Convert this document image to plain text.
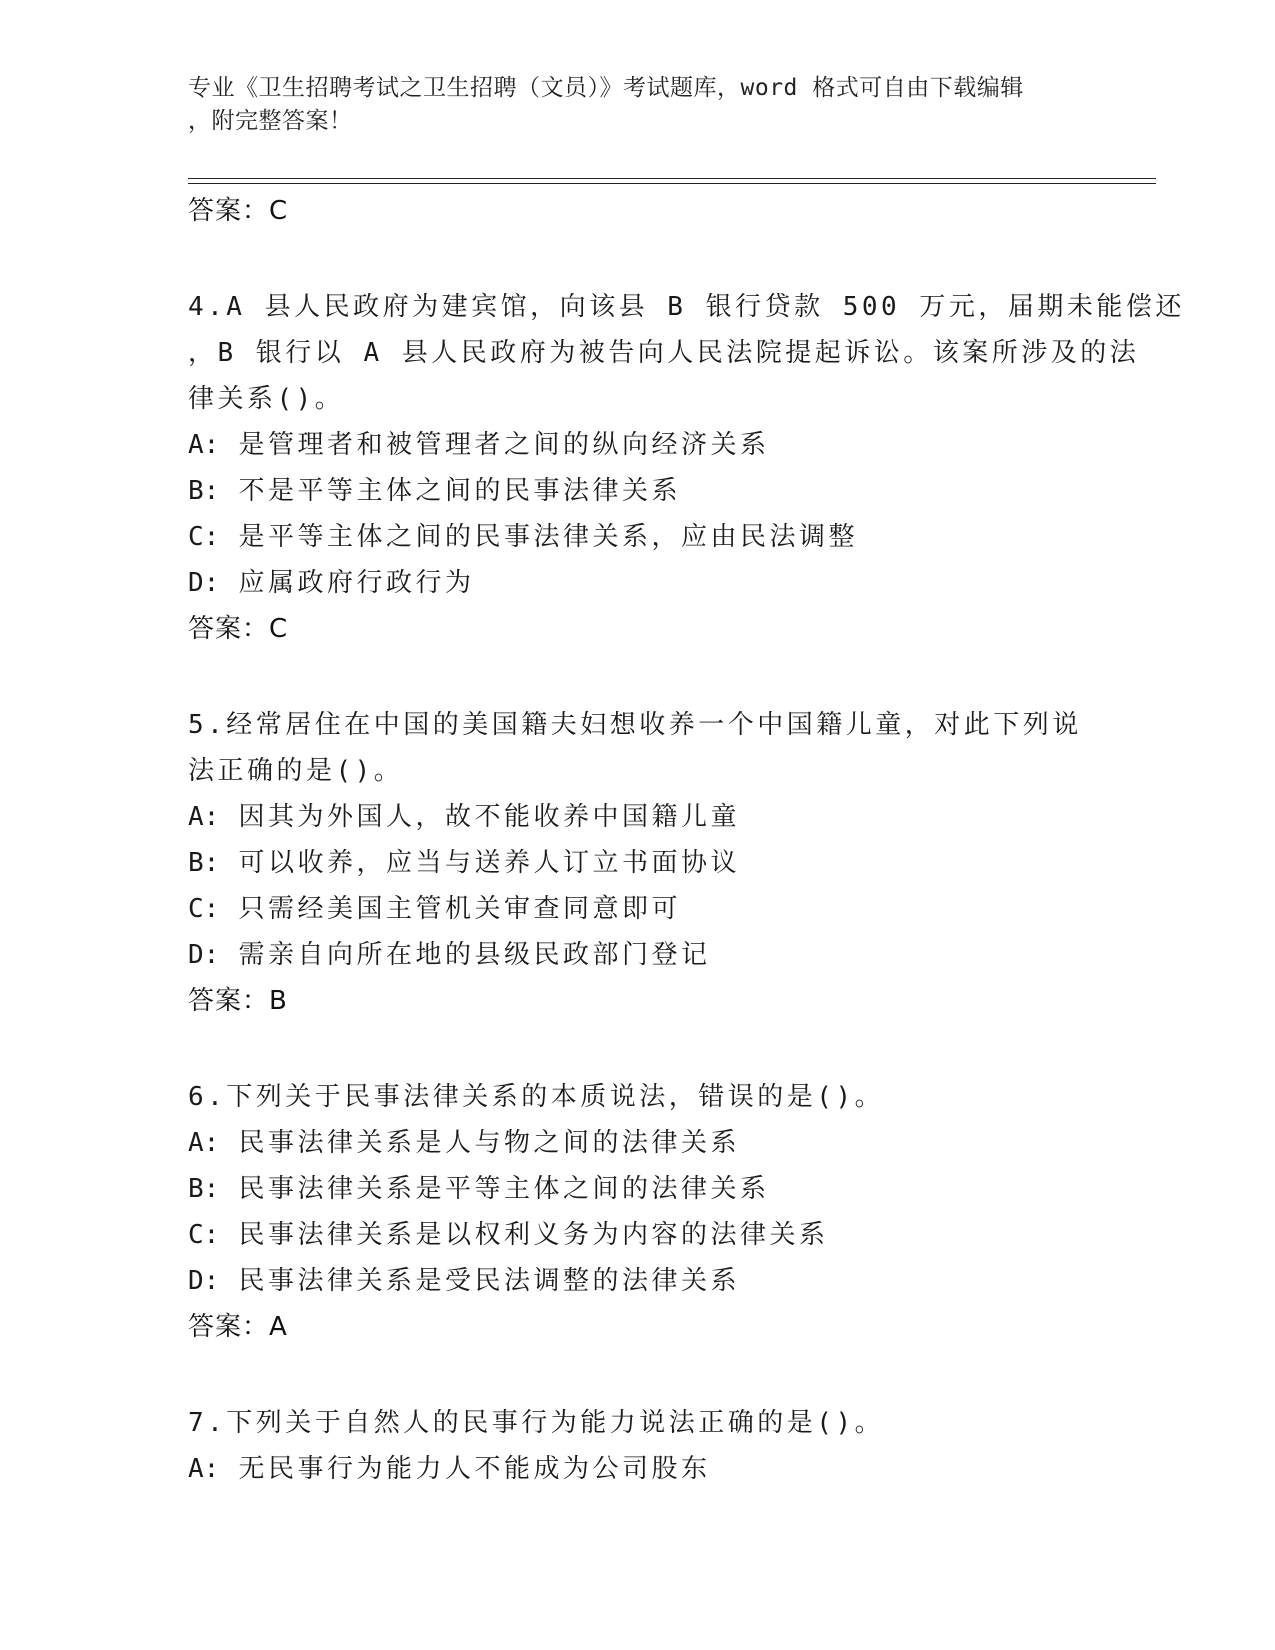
专业《卫生招聘考试之卫生招聘（文员）》考试题库，word 格式可自由下载编辑
，附完整答案！
答案：C
4.A 县人民政府为建宾馆，向该县 B 银行贷款 500 万元，届期未能偿还
，B 银行以 A 县人民政府为被告向人民法院提起诉讼。该案所涉及的法
律关系()。
A: 是管理者和被管理者之间的纵向经济关系
B: 不是平等主体之间的民事法律关系
C: 是平等主体之间的民事法律关系，应由民法调整
D: 应属政府行政行为
答案：C
5.经常居住在中国的美国籍夫妇想收养一个中国籍儿童，对此下列说
法正确的是()。
A: 因其为外国人，故不能收养中国籍儿童
B: 可以收养，应当与送养人订立书面协议
C: 只需经美国主管机关审查同意即可
D: 需亲自向所在地的县级民政部门登记
答案：B
6.下列关于民事法律关系的本质说法，错误的是()。
A: 民事法律关系是人与物之间的法律关系
B: 民事法律关系是平等主体之间的法律关系
C: 民事法律关系是以权利义务为内容的法律关系
D: 民事法律关系是受民法调整的法律关系
答案：A
7.下列关于自然人的民事行为能力说法正确的是()。
A: 无民事行为能力人不能成为公司股东
